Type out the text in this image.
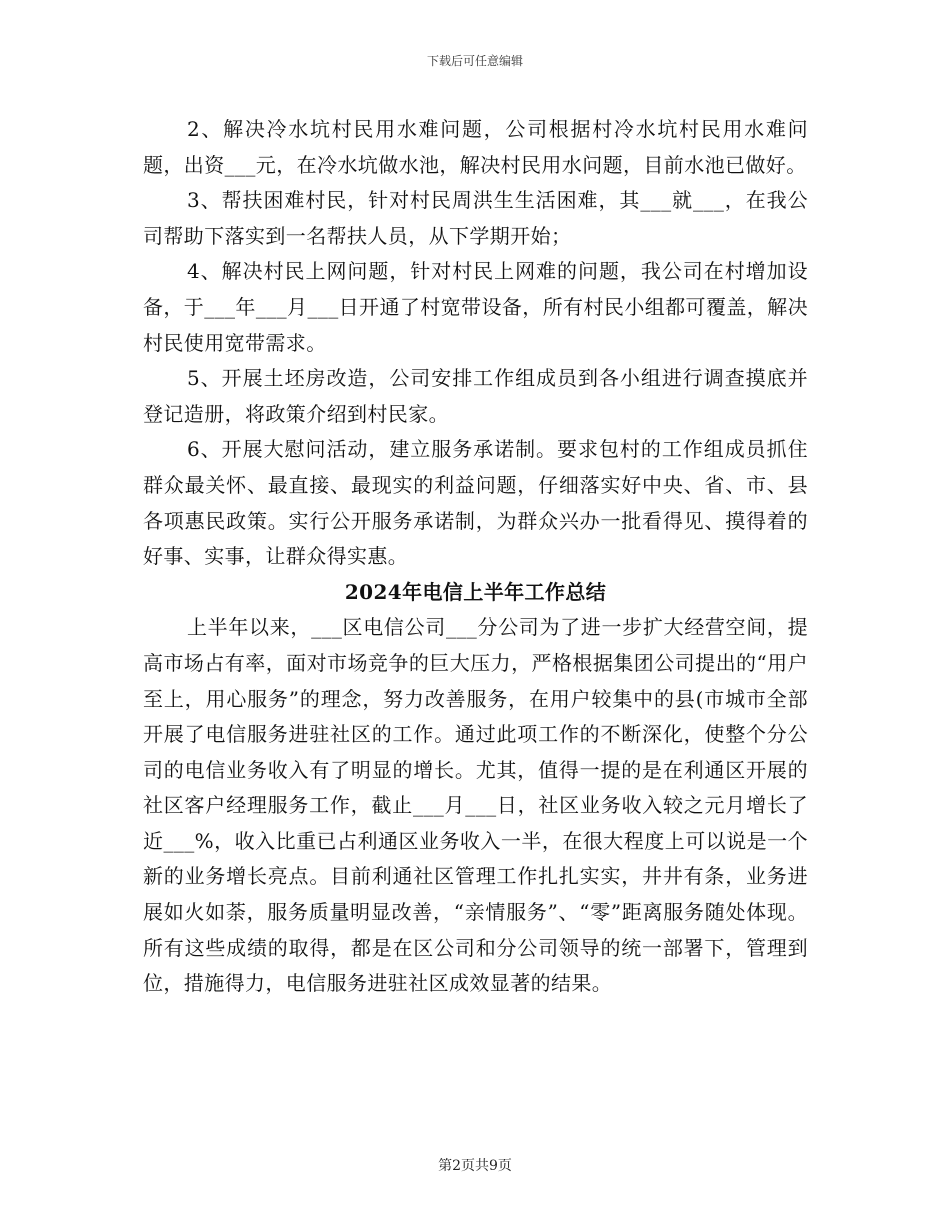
下载后可任意编辑

2、解决冷水坑村民用水难问题，公司根据村冷水坑村民用水难问题，出资___元，在冷水坑做水池，解决村民用水问题，目前水池已做好。

3、帮扶困难村民，针对村民周洪生生活困难，其___就___，在我公司帮助下落实到一名帮扶人员，从下学期开始；

4、解决村民上网问题，针对村民上网难的问题，我公司在村增加设备，于___年___月___日开通了村宽带设备，所有村民小组都可覆盖，解决村民使用宽带需求。

5、开展土坯房改造，公司安排工作组成员到各小组进行调查摸底并登记造册，将政策介绍到村民家。

6、开展大慰问活动，建立服务承诺制。要求包村的工作组成员抓住群众最关怀、最直接、最现实的利益问题，仔细落实好中央、省、市、县各项惠民政策。实行公开服务承诺制，为群众兴办一批看得见、摸得着的好事、实事，让群众得实惠。

2024年电信上半年工作总结

上半年以来，___区电信公司___分公司为了进一步扩大经营空间，提高市场占有率，面对市场竞争的巨大压力，严格根据集团公司提出的“用户至上，用心服务”的理念，努力改善服务，在用户较集中的县(市城市全部开展了电信服务进驻社区的工作。通过此项工作的不断深化，使整个分公司的电信业务收入有了明显的增长。尤其，值得一提的是在利通区开展的社区客户经理服务工作，截止___月___日，社区业务收入较之元月增长了近___%，收入比重已占利通区业务收入一半，在很大程度上可以说是一个新的业务增长亮点。目前利通社区管理工作扎扎实实，井井有条，业务进展如火如荼，服务质量明显改善，“亲情服务”、“零”距离服务随处体现。所有这些成绩的取得，都是在区公司和分公司领导的统一部署下，管理到位，措施得力，电信服务进驻社区成效显著的结果。

第2页共9页
